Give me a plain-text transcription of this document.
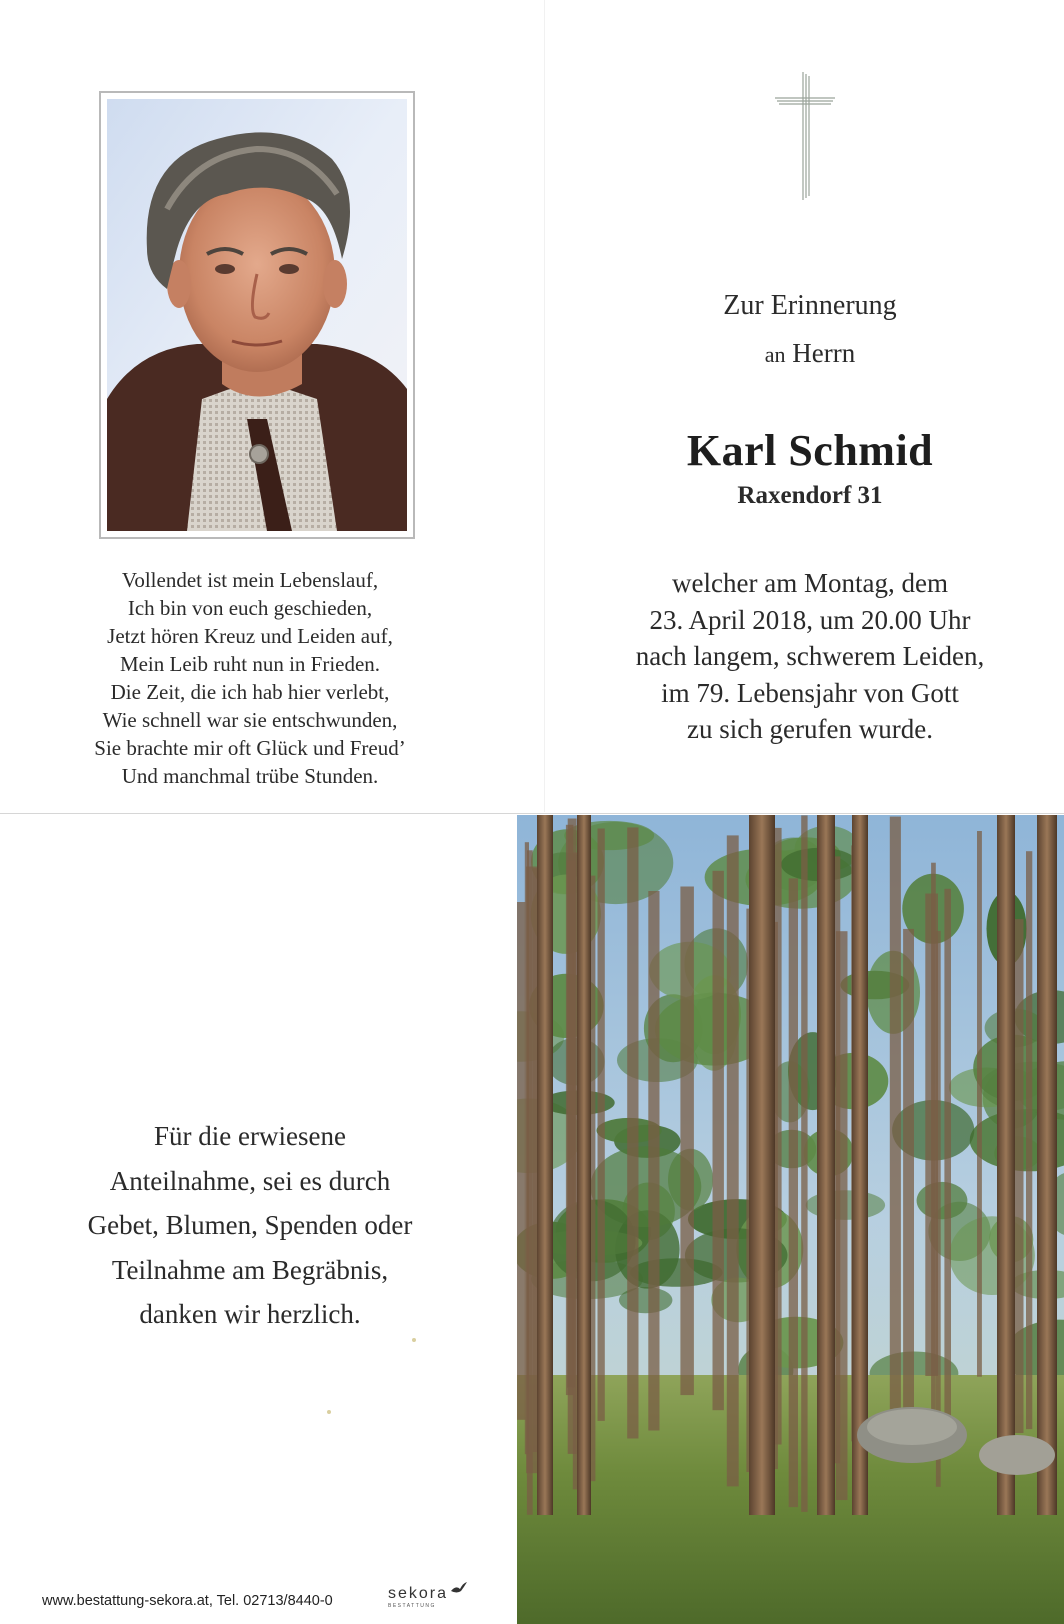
Vollendet ist mein Lebenslauf,
Ich bin von euch geschieden,
Jetzt hören Kreuz und Leiden auf,
Mein Leib ruht nun in Frieden.
Die Zeit, die ich hab hier verlebt,
Wie schnell war sie entschwunden,
Sie brachte mir oft Glück und Freud’
Und manchmal trübe Stunden.
Zur Erinnerung
an Herrn
Karl Schmid
Raxendorf 31
welcher am Montag, dem
23. April 2018, um 20.00 Uhr
nach langem, schwerem Leiden,
im 79. Lebensjahr von Gott
zu sich gerufen wurde.
Für die erwiesene
Anteilnahme, sei es durch
Gebet, Blumen, Spenden oder
Teilnahme am Begräbnis,
danken wir herzlich.
www.bestattung-sekora.at, Tel. 02713/8440-0	sekora
BESTATTUNG
